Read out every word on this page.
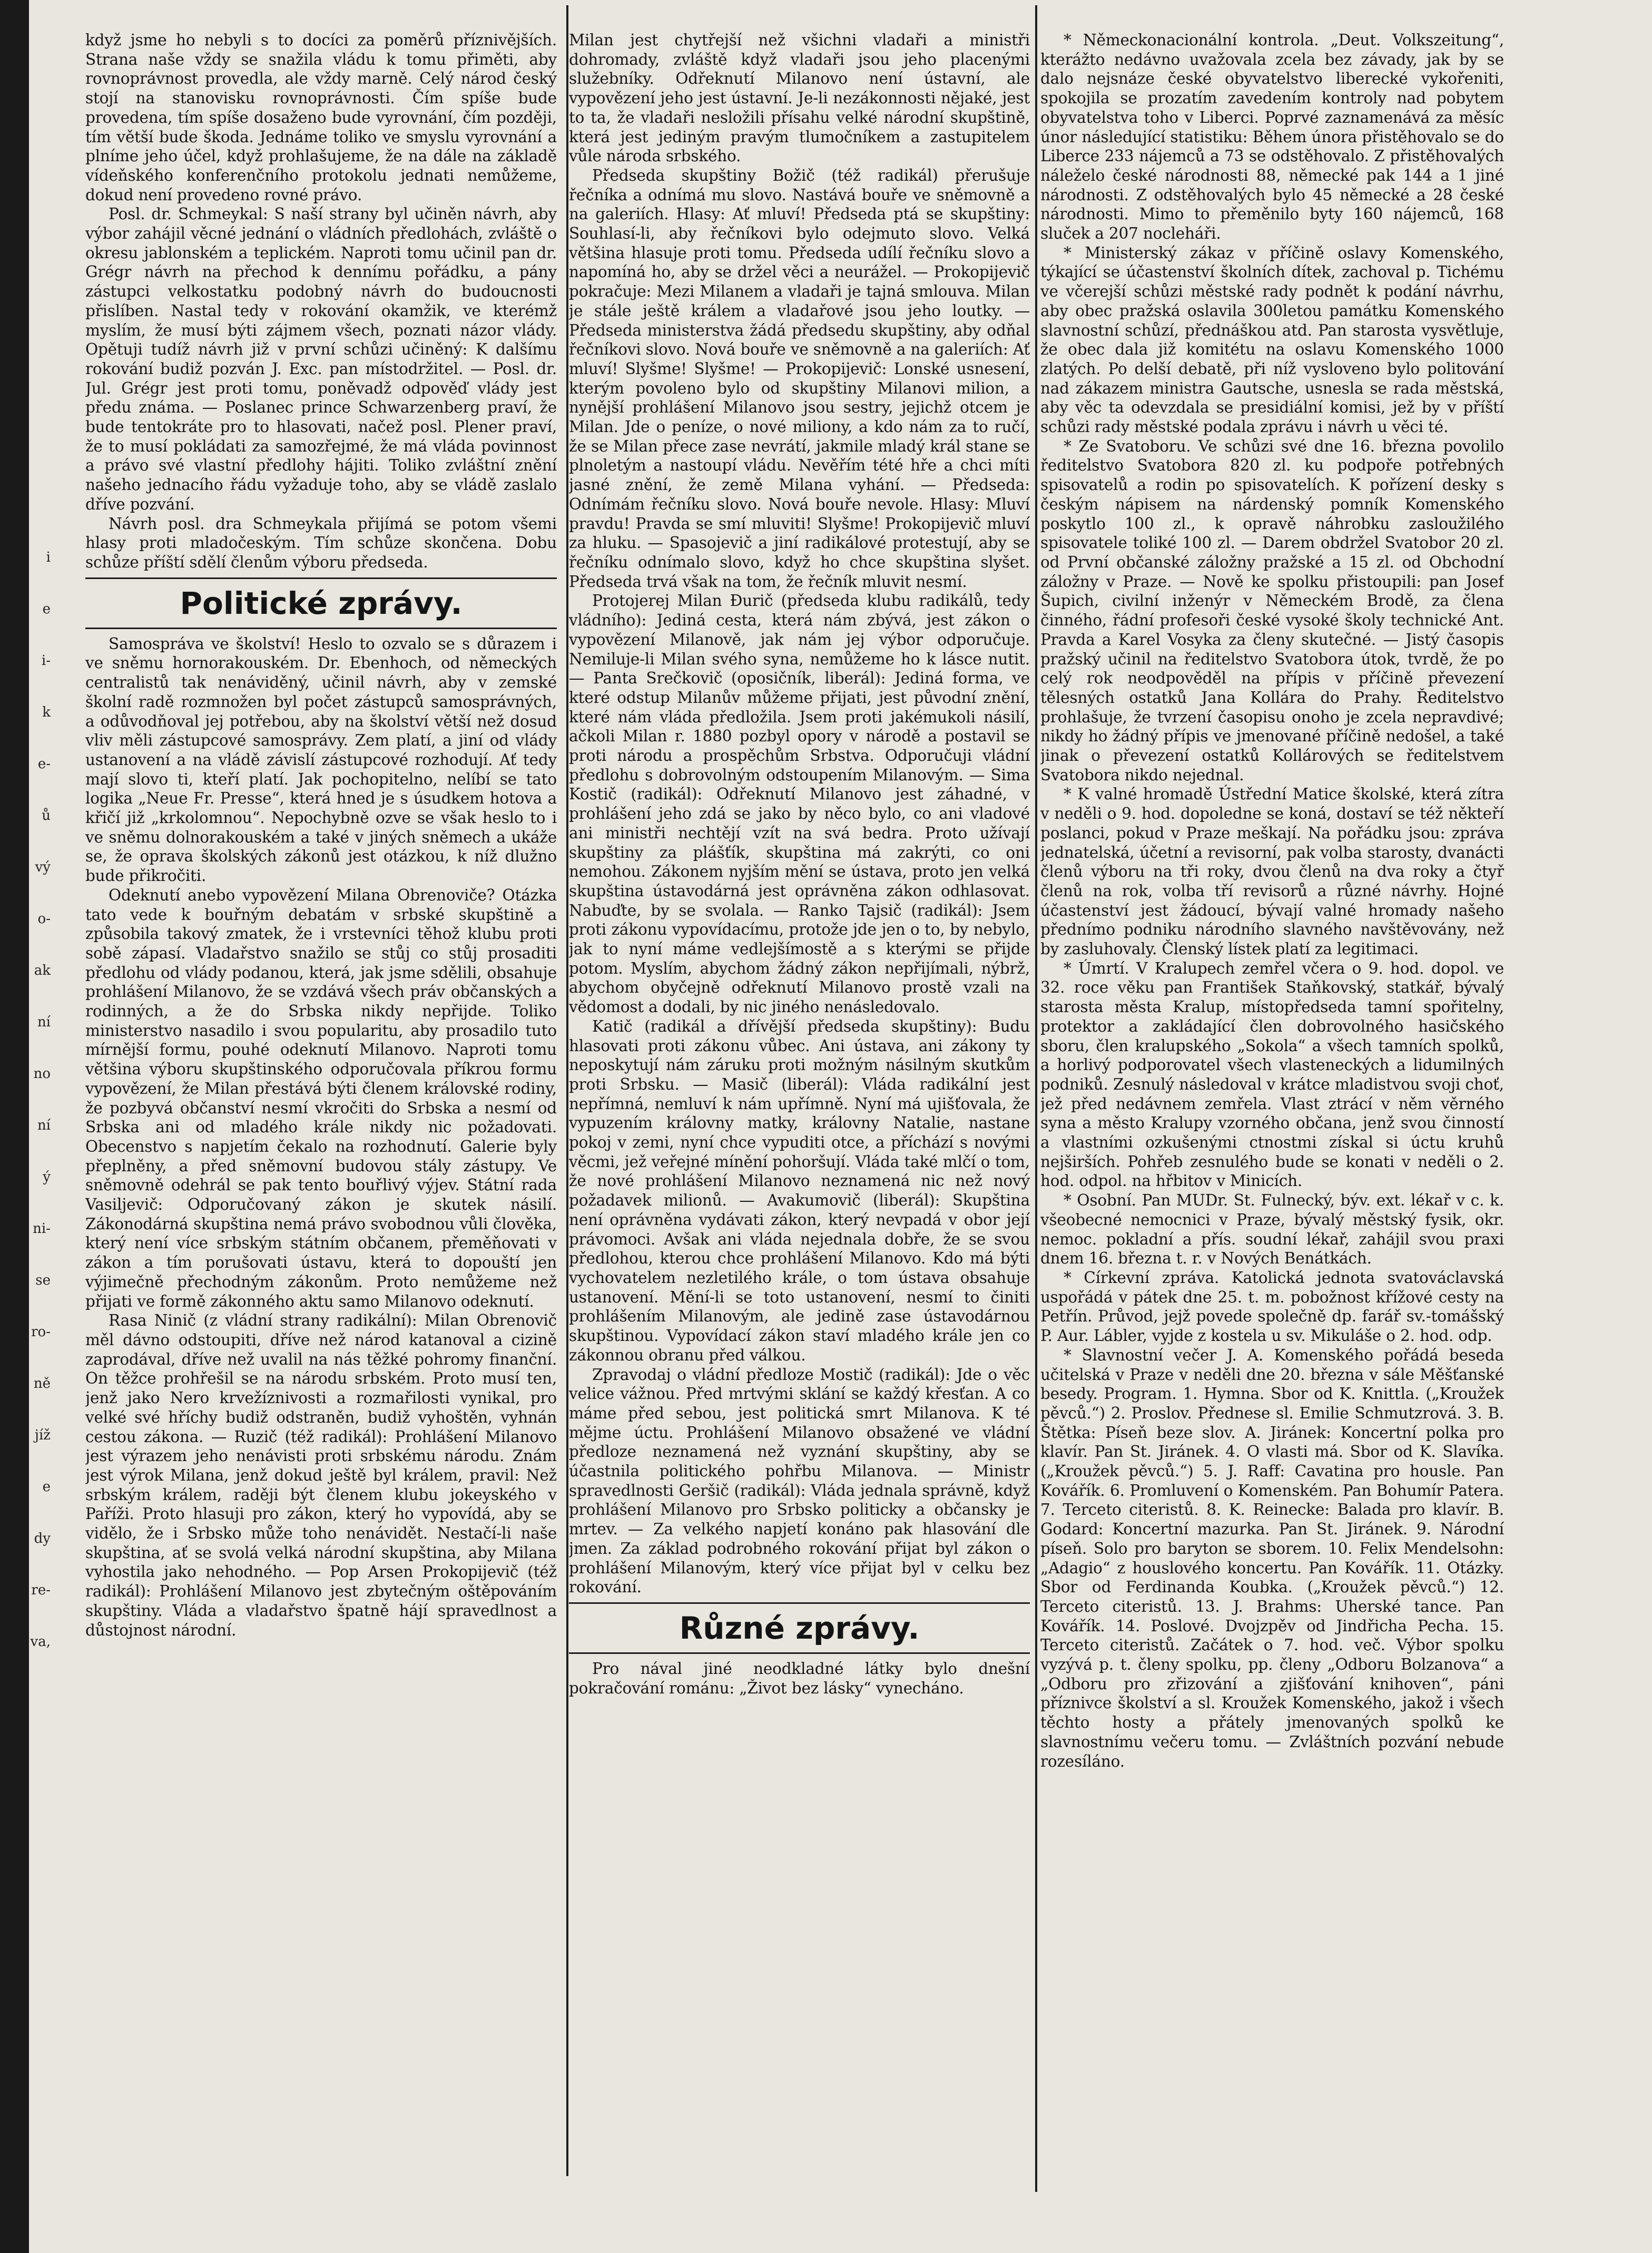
i
e
i-
k
e-
ů
vý
o-
ak
ní
no
ní
ý
ni-
se
ro-
ně
jíž
e
dy
re-
va,

když jsme ho nebyli s to docíci za poměrů příznivějších. Strana naše vždy se snažila vládu k tomu přiměti, aby rovnoprávnost provedla, ale vždy marně. Celý národ český stojí na stanovisku rovnoprávnosti. Čím spíše bude provedena, tím spíše dosaženo bude vyrovnání, čím později, tím větší bude škoda. Jednáme toliko ve smyslu vyrovnání a plníme jeho účel, když prohlašujeme, že na dále na základě vídeňského konferenčního protokolu jednati nemůžeme, dokud není provedeno rovné právo.

Posl. dr. Schmeykal: S naší strany byl učiněn návrh, aby výbor zahájil věcné jednání o vládních předlohách, zvláště o okresu jablonském a teplickém. Naproti tomu učinil pan dr. Grégr návrh na přechod k dennímu pořádku, a pány zástupci velkostatku podobný návrh do budoucnosti přislíben. Nastal tedy v rokování okamžik, ve kterémž myslím, že musí býti zájmem všech, poznati názor vlády. Opětuji tudíž návrh již v první schůzi učiněný: K dalšímu rokování budiž pozván J. Exc. pan místodržitel. — Posl. dr. Jul. Grégr jest proti tomu, poněvadž odpověď vlády jest předu známa. — Poslanec prince Schwarzenberg praví, že bude tentokráte pro to hlasovati, načež posl. Plener praví, že to musí pokládati za samozřejmé, že má vláda povinnost a právo své vlastní předlohy hájiti. Toliko zvláštní znění našeho jednacího řádu vyžaduje toho, aby se vládě zaslalo dříve pozvání.

Návrh posl. dra Schmeykala přijímá se potom všemi hlasy proti mladočeským. Tím schůze skončena. Dobu schůze příští sdělí členům výboru předseda.

Politické zprávy.

Samospráva ve školství! Heslo to ozvalo se s důrazem i ve sněmu hornorakouském. Dr. Ebenhoch, od německých centralistů tak nenáviděný, učinil návrh, aby v zemské školní radě rozmnožen byl počet zástupců samosprávných, a odůvodňoval jej potřebou, aby na školství větší než dosud vliv měli zástupcové samosprávy. Zem platí, a jiní od vlády ustanovení a na vládě závislí zástupcové rozhodují. Ať tedy mají slovo ti, kteří platí. Jak pochopitelno, nelíbí se tato logika „Neue Fr. Presse“, která hned je s úsudkem hotova a křičí již „krkolomnou“. Nepochybně ozve se však heslo to i ve sněmu dolnorakouském a také v jiných sněmech a ukáže se, že oprava školských zákonů jest otázkou, k níž dlužno bude přikročiti.

Odeknutí anebo vypovězení Milana Obrenoviče? Otázka tato vede k bouřným debatám v srbské skupštině a způsobila takový zmatek, že i vrstevníci těhož klubu proti sobě zápasí. Vladařstvo snažilo se stůj co stůj prosaditi předlohu od vlády podanou, která, jak jsme sdělili, obsahuje prohlášení Milanovo, že se vzdává všech práv občanských a rodinných, a že do Srbska nikdy nepřijde. Toliko ministerstvo nasadilo i svou popularitu, aby prosadilo tuto mírnější formu, pouhé odeknutí Milanovo. Naproti tomu většina výboru skupštinského odporučovala příkrou formu vypovězení, že Milan přestává býti členem královské rodiny, že pozbyvá občanství nesmí vkročiti do Srbska a nesmí od Srbska ani od mladého krále nikdy nic požadovati. Obecenstvo s napjetím čekalo na rozhodnutí. Galerie byly přeplněny, a před sněmovní budovou stály zástupy. Ve sněmovně odehrál se pak tento bouřlivý výjev. Státní rada Vasiljevič: Odporučovaný zákon je skutek násilí. Zákonodárná skupština nemá právo svobodnou vůli člověka, který není více srbským státním občanem, přeměňovati v zákon a tím porušovati ústavu, která to dopouští jen výjimečně přechodným zákonům. Proto nemůžeme než přijati ve formě zákonného aktu samo Milanovo odeknutí.

Rasa Ninič (z vládní strany radikální): Milan Obrenovič měl dávno odstoupiti, dříve než národ katanoval a cizině zaprodával, dříve než uvalil na nás těžké pohromy finanční. On těžce prohřešil se na národu srbském. Proto musí ten, jenž jako Nero krvežíznivosti a rozmařilosti vynikal, pro velké své hříchy budiž odstraněn, budiž vyhoštěn, vyhnán cestou zákona. — Ruzič (též radikál): Prohlášení Milanovo jest výrazem jeho nenávisti proti srbskému národu. Znám jest výrok Milana, jenž dokud ještě byl králem, pravil: Než srbským králem, raději být členem klubu jokeyského v Paříži. Proto hlasuji pro zákon, který ho vypovídá, aby se vidělo, že i Srbsko může toho nenávidět. Nestačí-li naše skupština, ať se svolá velká národní skupština, aby Milana vyhostila jako nehodného. — Pop Arsen Prokopijevič (též radikál): Prohlášení Milanovo jest zbytečným oštěpováním skupštiny. Vláda a vladařstvo špatně hájí spravedlnost a důstojnost národní.

Milan jest chytřejší než všichni vladaři a ministři dohromady, zvláště když vladaři jsou jeho placenými služebníky. Odřeknutí Milanovo není ústavní, ale vypovězení jeho jest ústavní. Je-li nezákonnosti nějaké, jest to ta, že vladaři nesložili přísahu velké národní skupštině, která jest jediným pravým tlumočníkem a zastupitelem vůle národa srbského.

Předseda skupštiny Božič (též radikál) přerušuje řečníka a odnímá mu slovo. Nastává bouře ve sněmovně a na galeriích. Hlasy: Ať mluví! Předseda ptá se skupštiny: Souhlasí-li, aby řečníkovi bylo odejmuto slovo. Velká většina hlasuje proti tomu. Předseda udílí řečníku slovo a napomíná ho, aby se držel věci a neurážel. — Prokopijevič pokračuje: Mezi Milanem a vladaři je tajná smlouva. Milan je stále ještě králem a vladařové jsou jeho loutky. — Předseda ministerstva žádá předsedu skupštiny, aby odňal řečníkovi slovo. Nová bouře ve sněmovně a na galeriích: Ať mluví! Slyšme! Slyšme! — Prokopijevič: Lonské usnesení, kterým povoleno bylo od skupštiny Milanovi milion, a nynější prohlášení Milanovo jsou sestry, jejichž otcem je Milan. Jde o peníze, o nové miliony, a kdo nám za to ručí, že se Milan přece zase nevrátí, jakmile mladý král stane se plnoletým a nastoupí vládu. Nevěřím tété hře a chci míti jasné znění, že země Milana vyhání. — Předseda: Odnímám řečníku slovo. Nová bouře nevole. Hlasy: Mluví pravdu! Pravda se smí mluviti! Slyšme! Prokopijevič mluví za hluku. — Spasojevič a jiní radikálové protestují, aby se řečníku odnímalo slovo, když ho chce skupština slyšet. Předseda trvá však na tom, že řečník mluvit nesmí.

Protojerej Milan Đurič (předseda klubu radikálů, tedy vládního): Jediná cesta, která nám zbývá, jest zákon o vypovězení Milanově, jak nám jej výbor odporučuje. Nemiluje-li Milan svého syna, nemůžeme ho k lásce nutit. — Panta Srečkovič (oposičník, liberál): Jediná forma, ve které odstup Milanův můžeme přijati, jest původní znění, které nám vláda předložila. Jsem proti jakémukoli násilí, ačkoli Milan r. 1880 pozbyl opory v národě a postavil se proti národu a prospěchům Srbstva. Odporučuji vládní předlohu s dobrovolným odstoupením Milanovým. — Sima Kostič (radikál): Odřeknutí Milanovo jest záhadné, v prohlášení jeho zdá se jako by něco bylo, co ani vladové ani ministři nechtějí vzít na svá bedra. Proto užívají skupštiny za plášťík, skupština má zakrýti, co oni nemohou. Zákonem nyjším mění se ústava, proto jen velká skupština ústavodárná jest oprávněna zákon odhlasovat. Nabuďte, by se svolala. — Ranko Tajsič (radikál): Jsem proti zákonu vypovídacímu, protože jde jen o to, by nebylo, jak to nyní máme vedlejšímostě a s kterými se přijde potom. Myslím, abychom žádný zákon nepřijímali, nýbrž, abychom obyčejně odřeknutí Milanovo prostě vzali na vědomost a dodali, by nic jiného nenásledovalo.

Katič (radikál a dřívější předseda skupštiny): Budu hlasovati proti zákonu vůbec. Ani ústava, ani zákony ty neposkytují nám záruku proti možným násilným skutkům proti Srbsku. — Masič (liberál): Vláda radikální jest nepřímná, nemluví k nám upřímně. Nyní má ujišťovala, že vypuzením královny matky, královny Natalie, nastane pokoj v zemi, nyní chce vypuditi otce, a příchází s novými věcmi, jež veřejné mínění pohoršují. Vláda také mlčí o tom, že nové prohlášení Milanovo neznamená nic než nový požadavek milionů. — Avakumovič (liberál): Skupština není oprávněna vydávati zákon, který nevpadá v obor její právomoci. Avšak ani vláda nejednala dobře, že se svou předlohou, kterou chce prohlášení Milanovo. Kdo má býti vychovatelem nezletilého krále, o tom ústava obsahuje ustanovení. Mění-li se toto ustanovení, nesmí to činiti prohlášením Milanovým, ale jedině zase ústavodárnou skupštinou. Vypovídací zákon staví mladého krále jen co zákonnou obranu před válkou.

Zpravodaj o vládní předloze Mostič (radikál): Jde o věc velice vážnou. Před mrtvými sklání se každý křesťan. A co máme před sebou, jest politická smrt Milanova. K té mějme úctu. Prohlášení Milanovo obsažené ve vládní předloze neznamená než vyznání skupštiny, aby se účastnila politického pohřbu Milanova. — Ministr spravedlnosti Geršič (radikál): Vláda jednala správně, když prohlášení Milanovo pro Srbsko politicky a občansky je mrtev. — Za velkého napjetí konáno pak hlasování dle jmen. Za základ podrobného rokování přijat byl zákon o prohlášení Milanovým, který více přijat byl v celku bez rokování.

Různé zprávy.

Pro nával jiné neodkladné látky bylo dnešní pokračování románu: „Život bez lásky“ vynecháno.

* Německonacionální kontrola. „Deut. Volkszeitung“, kterážto nedávno uvažovala zcela bez závady, jak by se dalo nejsnáze české obyvatelstvo liberecké vykořeniti, spokojila se prozatím zavedením kontroly nad pobytem obyvatelstva toho v Liberci. Poprvé zaznamenává za měsíc únor následující statistiku: Během února přistěhovalo se do Liberce 233 nájemců a 73 se odstěhovalo. Z přistěhovalých náleželo české národnosti 88, německé pak 144 a 1 jiné národnosti. Z odstěhovalých bylo 45 německé a 28 české národnosti. Mimo to přeměnilo byty 160 nájemců, 168 sluček a 207 nocleháři.

* Ministerský zákaz v příčině oslavy Komenského, týkající se účastenství školních dítek, zachoval p. Tichému ve včerejší schůzi městské rady podnět k podání návrhu, aby obec pražská oslavila 300letou památku Komenského slavnostní schůzí, přednáškou atd. Pan starosta vysvětluje, že obec dala již komitétu na oslavu Komenského 1000 zlatých. Po delší debatě, při níž vysloveno bylo politování nad zákazem ministra Gautsche, usnesla se rada městská, aby věc ta odevzdala se presidiální komisi, jež by v příští schůzi rady městské podala zprávu i návrh u věci té.

* Ze Svatoboru. Ve schůzi své dne 16. března povolilo ředitelstvo Svatobora 820 zl. ku podpoře potřebných spisovatelů a rodin po spisovatelích. K pořízení desky s českým nápisem na nárdenský pomník Komenského poskytlo 100 zl., k opravě náhrobku zasloužilého spisovatele toliké 100 zl. — Darem obdržel Svatobor 20 zl. od První občanské záložny pražské a 15 zl. od Obchodní záložny v Praze. — Nově ke spolku přistoupili: pan Josef Šupich, civilní inženýr v Německém Brodě, za člena činného, řádní profesoři české vysoké školy technické Ant. Pravda a Karel Vosyka za členy skutečné. — Jistý časopis pražský učinil na ředitelstvo Svatobora útok, tvrdě, že po celý rok neodpověděl na přípis v příčině převezení tělesných ostatků Jana Kollára do Prahy. Ředitelstvo prohlašuje, že tvrzení časopisu onoho je zcela nepravdivé; nikdy ho žádný přípis ve jmenované příčině nedošel, a také jinak o převezení ostatků Kollárových se ředitelstvem Svatobora nikdo nejednal.

* K valné hromadě Ústřední Matice školské, která zítra v neděli o 9. hod. dopoledne se koná, dostaví se též někteří poslanci, pokud v Praze meškají. Na pořádku jsou: zpráva jednatelská, účetní a revisorní, pak volba starosty, dvanácti členů výboru na tři roky, dvou členů na dva roky a čtyř členů na rok, volba tří revisorů a různé návrhy. Hojné účastenství jest žádoucí, bývají valné hromady našeho přednímo podniku národního slavného navštěvovány, než by zasluhovaly. Členský lístek platí za legitimaci.

* Úmrtí. V Kralupech zemřel včera o 9. hod. dopol. ve 32. roce věku pan František Staňkovský, statkář, bývalý starosta města Kralup, místopředseda tamní spořitelny, protektor a zakládající člen dobrovolného hasičského sboru, člen kralupského „Sokola“ a všech tamních spolků, a horlivý podporovatel všech vlasteneckých a lidumilných podniků. Zesnulý následoval v krátce mladistvou svoji choť, jež před nedávnem zemřela. Vlast ztrácí v něm věrného syna a město Kralupy vzorného občana, jenž svou činností a vlastními ozkušenými ctnostmi získal si úctu kruhů nejširších. Pohřeb zesnulého bude se konati v neděli o 2. hod. odpol. na hřbitov v Minicích.

* Osobní. Pan MUDr. St. Fulnecký, býv. ext. lékař v c. k. všeobecné nemocnici v Praze, bývalý městský fysik, okr. nemoc. pokladní a přís. soudní lékař, zahájil svou praxi dnem 16. března t. r. v Nových Benátkách.

* Církevní zpráva. Katolická jednota svatováclavská uspořádá v pátek dne 25. t. m. pobožnost křížové cesty na Petřín. Průvod, jejž povede společně dp. farář sv.-tomášský P. Aur. Lábler, vyjde z kostela u sv. Mikuláše o 2. hod. odp.

* Slavnostní večer J. A. Komenského pořádá beseda učitelská v Praze v neděli dne 20. března v sále Měšťanské besedy. Program. 1. Hymna. Sbor od K. Knittla. („Kroužek pěvců.“) 2. Proslov. Přednese sl. Emilie Schmutzrová. 3. B. Štětka: Píseň beze slov. A. Jiránek: Koncertní polka pro klavír. Pan St. Jiránek. 4. O vlasti má. Sbor od K. Slavíka. („Kroužek pěvců.“) 5. J. Raff: Cavatina pro housle. Pan Kovářík. 6. Promluvení o Komenském. Pan Bohumír Patera. 7. Terceto citeristů. 8. K. Reinecke: Balada pro klavír. B. Godard: Koncertní mazurka. Pan St. Jiránek. 9. Národní píseň. Solo pro baryton se sborem. 10. Felix Mendelsohn: „Adagio“ z houslového koncertu. Pan Kovářík. 11. Otázky. Sbor od Ferdinanda Koubka. („Kroužek pěvců.“) 12. Terceto citeristů. 13. J. Brahms: Uherské tance. Pan Kovářík. 14. Poslové. Dvojzpěv od Jindřicha Pecha. 15. Terceto citeristů. Začátek o 7. hod. več. Výbor spolku vyzývá p. t. členy spolku, pp. členy „Odboru Bolzanova“ a „Odboru pro zřizování a zjišťování knihoven“, páni příznivce školství a sl. Kroužek Komenského, jakož i všech těchto hosty a přátely jmenovaných spolků ke slavnostnímu večeru tomu. — Zvláštních pozvání nebude rozesíláno.
